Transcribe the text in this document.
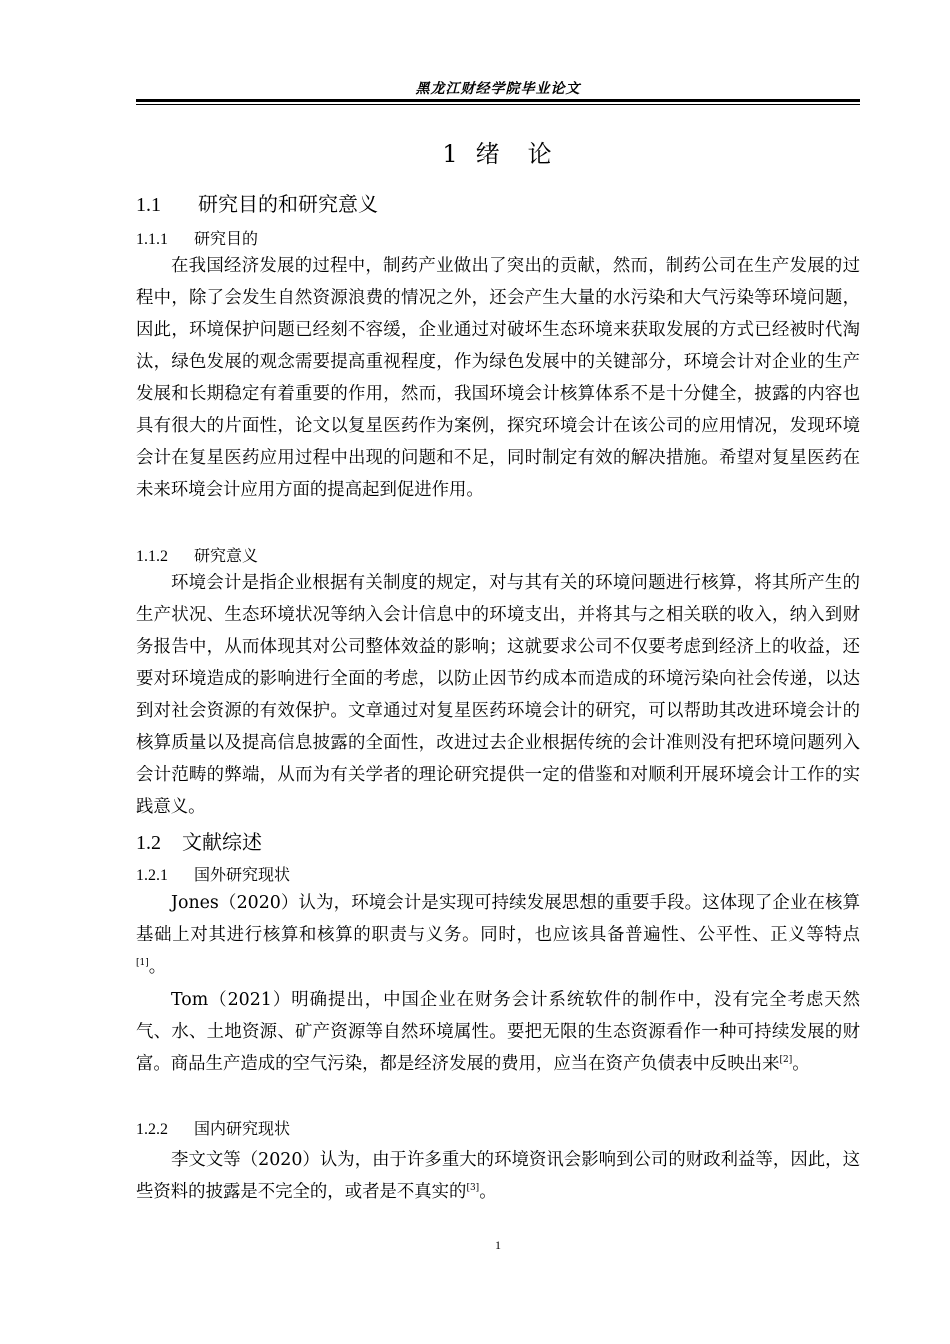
黑龙江财经学院毕业论文
1 绪　论
1.1 研究目的和研究意义
1.1.1 研究目的
在我国经济发展的过程中，制药产业做出了突出的贡献，然而，制药公司在生产发展的过程中，除了会发生自然资源浪费的情况之外，还会产生大量的水污染和大气污染等环境问题，因此，环境保护问题已经刻不容缓，企业通过对破坏生态环境来获取发展的方式已经被时代淘汰，绿色发展的观念需要提高重视程度，作为绿色发展中的关键部分，环境会计对企业的生产发展和长期稳定有着重要的作用，然而，我国环境会计核算体系不是十分健全，披露的内容也具有很大的片面性，论文以复星医药作为案例，探究环境会计在该公司的应用情况，发现环境会计在复星医药应用过程中出现的问题和不足，同时制定有效的解决措施。希望对复星医药在未来环境会计应用方面的提高起到促进作用。
1.1.2 研究意义
环境会计是指企业根据有关制度的规定，对与其有关的环境问题进行核算，将其所产生的生产状况、生态环境状况等纳入会计信息中的环境支出，并将其与之相关联的收入，纳入到财务报告中，从而体现其对公司整体效益的影响；这就要求公司不仅要考虑到经济上的收益，还要对环境造成的影响进行全面的考虑，以防止因节约成本而造成的环境污染向社会传递，以达到对社会资源的有效保护。文章通过对复星医药环境会计的研究，可以帮助其改进环境会计的核算质量以及提高信息披露的全面性，改进过去企业根据传统的会计准则没有把环境问题列入会计范畴的弊端，从而为有关学者的理论研究提供一定的借鉴和对顺利开展环境会计工作的实践意义。
1.2 文献综述
1.2.1 国外研究现状
Jones（2020）认为，环境会计是实现可持续发展思想的重要手段。这体现了企业在核算基础上对其进行核算和核算的职责与义务。同时，也应该具备普遍性、公平性、正义等特点[1]。
Tom（2021）明确提出，中国企业在财务会计系统软件的制作中，没有完全考虑天然气、水、土地资源、矿产资源等自然环境属性。要把无限的生态资源看作一种可持续发展的财富。商品生产造成的空气污染，都是经济发展的费用，应当在资产负债表中反映出来[2]。
1.2.2 国内研究现状
李文文等（2020）认为，由于许多重大的环境资讯会影响到公司的财政利益等，因此，这些资料的披露是不完全的，或者是不真实的[3]。
1
